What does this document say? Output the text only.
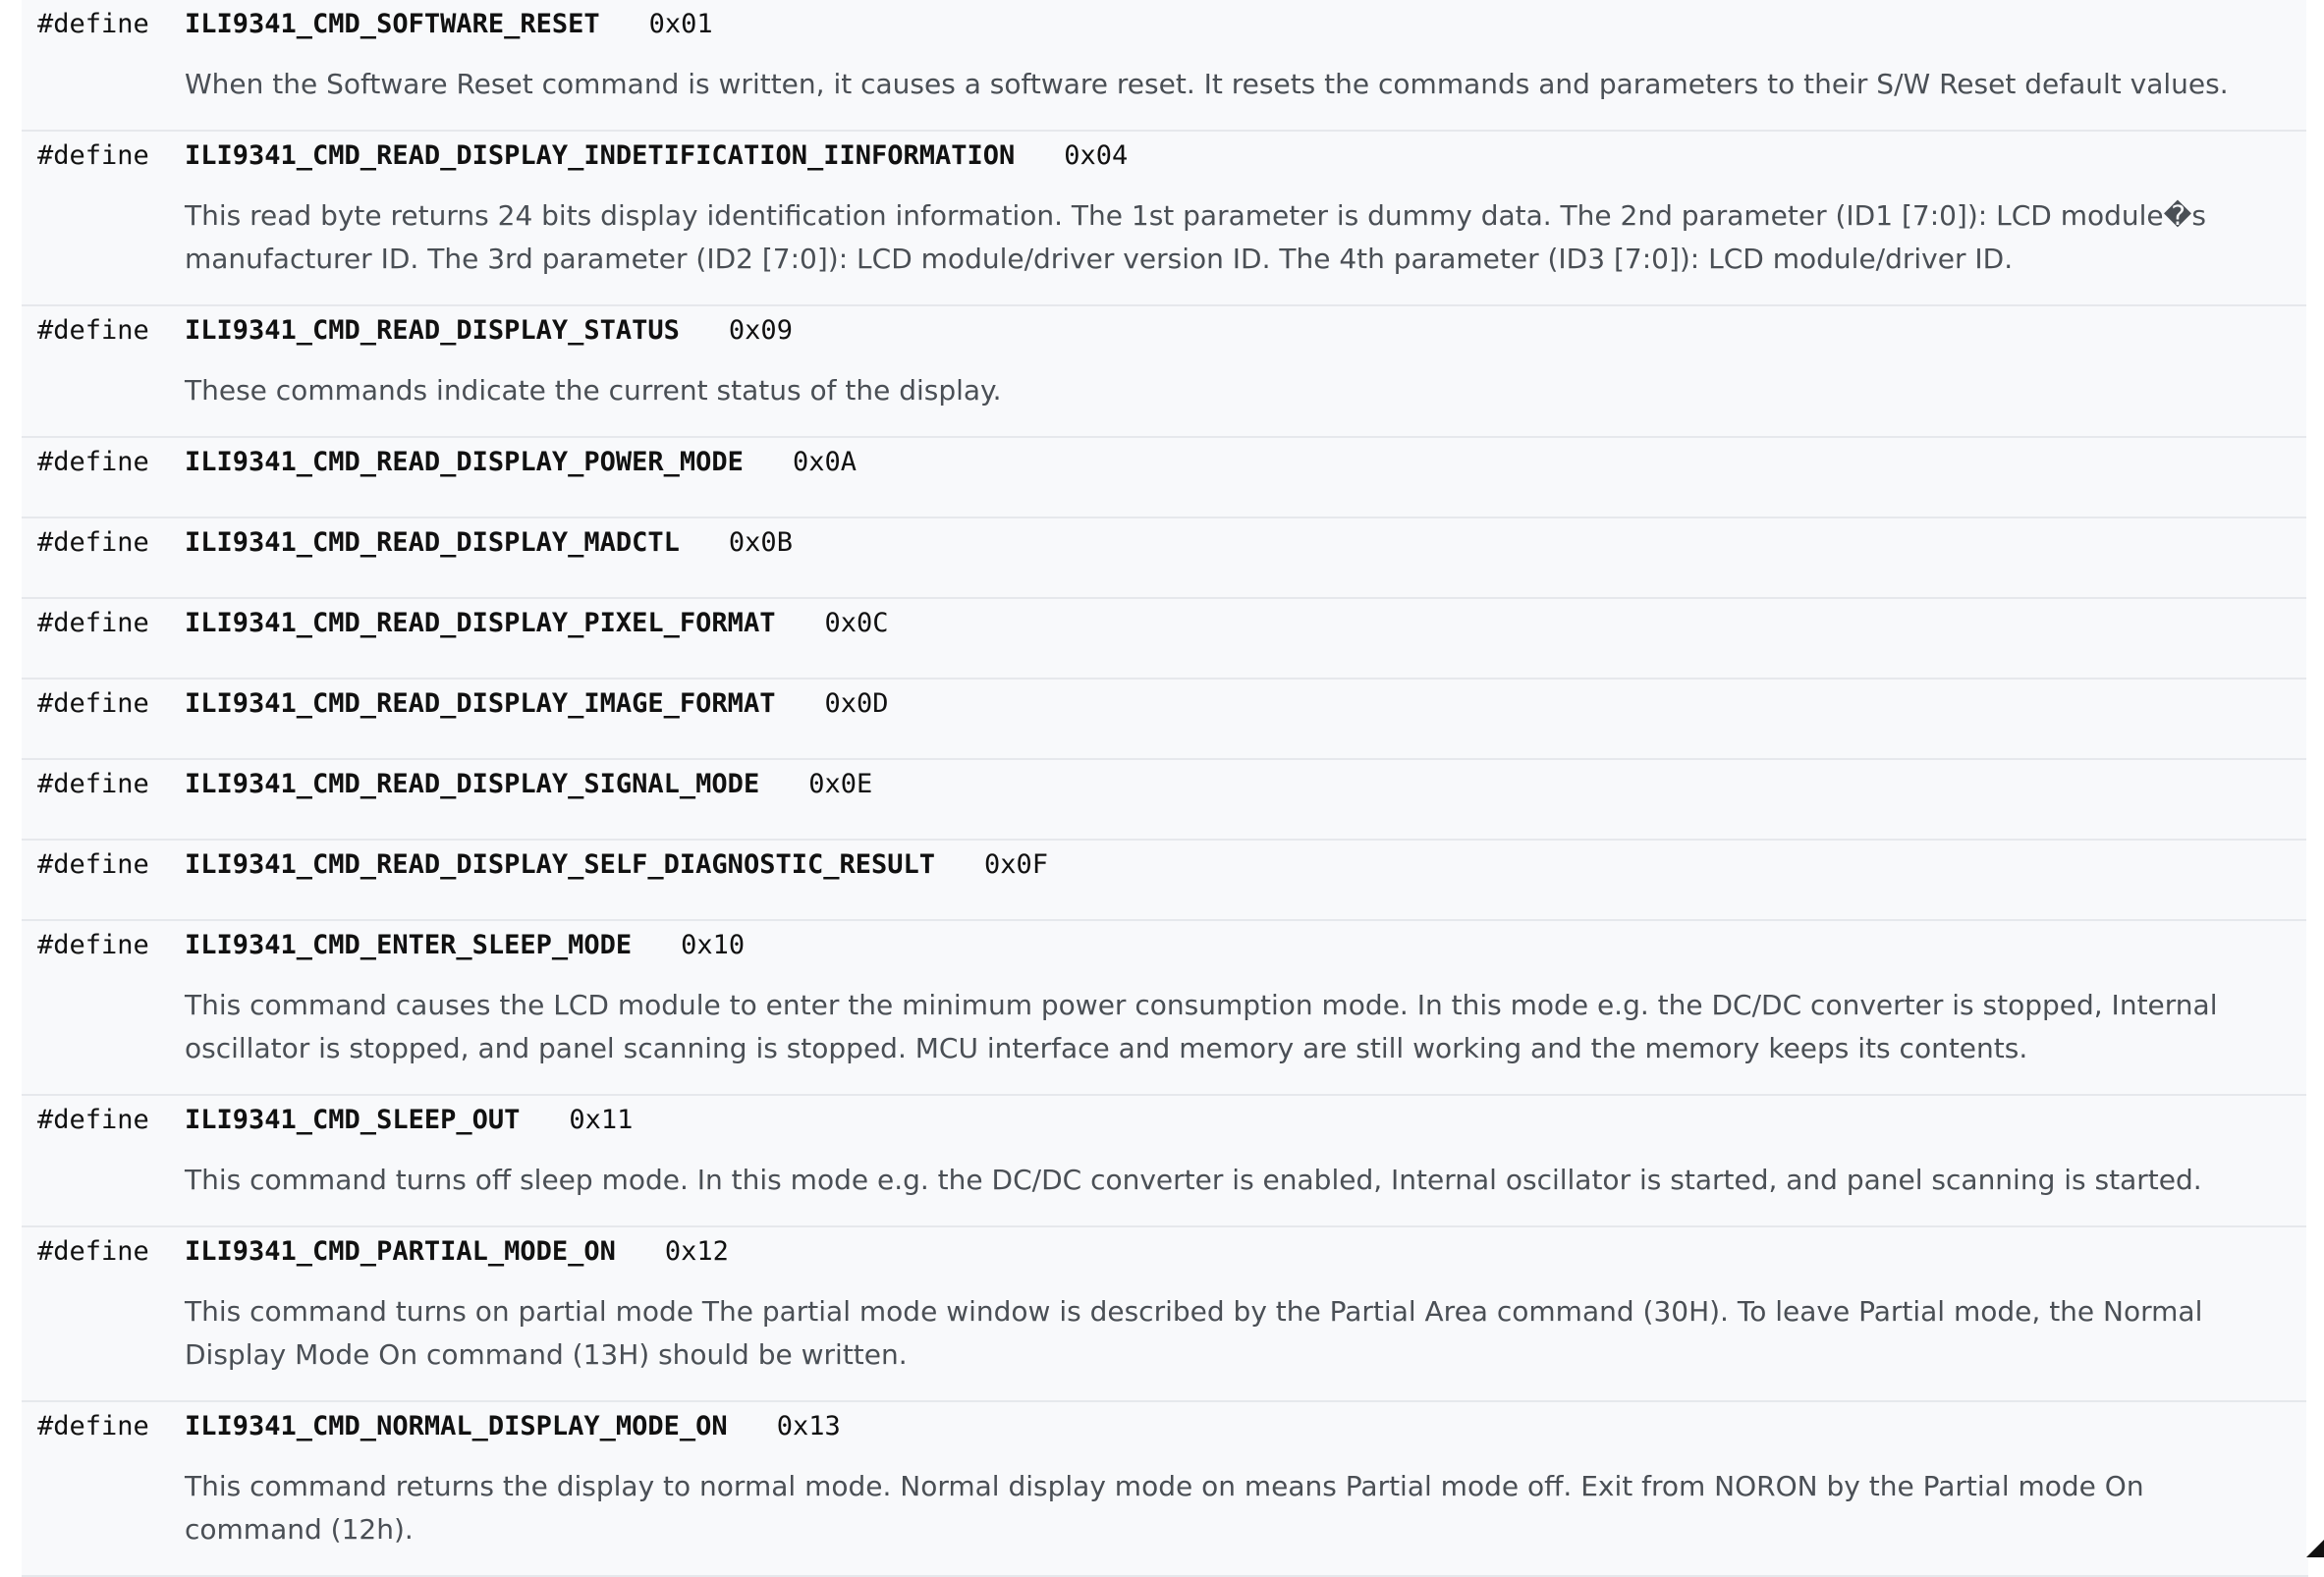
#define	ILI9341_CMD_SOFTWARE_RESET 0x01
When the Software Reset command is written, it causes a software reset. It resets the commands and parameters to their S/W Reset default values.
#define	ILI9341_CMD_READ_DISPLAY_INDETIFICATION_IINFORMATION 0x04
This read byte returns 24 bits display identification information. The 1st parameter is dummy data. The 2nd parameter (ID1 [7:0]): LCD module�s manufacturer ID. The 3rd parameter (ID2 [7:0]): LCD module/driver version ID. The 4th parameter (ID3 [7:0]): LCD module/driver ID.
#define	ILI9341_CMD_READ_DISPLAY_STATUS 0x09
These commands indicate the current status of the display.
#define	ILI9341_CMD_READ_DISPLAY_POWER_MODE 0x0A
#define	ILI9341_CMD_READ_DISPLAY_MADCTL 0x0B
#define	ILI9341_CMD_READ_DISPLAY_PIXEL_FORMAT 0x0C
#define	ILI9341_CMD_READ_DISPLAY_IMAGE_FORMAT 0x0D
#define	ILI9341_CMD_READ_DISPLAY_SIGNAL_MODE 0x0E
#define	ILI9341_CMD_READ_DISPLAY_SELF_DIAGNOSTIC_RESULT 0x0F
#define	ILI9341_CMD_ENTER_SLEEP_MODE 0x10
This command causes the LCD module to enter the minimum power consumption mode. In this mode e.g. the DC/DC converter is stopped, Internal oscillator is stopped, and panel scanning is stopped. MCU interface and memory are still working and the memory keeps its contents.
#define	ILI9341_CMD_SLEEP_OUT 0x11
This command turns off sleep mode. In this mode e.g. the DC/DC converter is enabled, Internal oscillator is started, and panel scanning is started.
#define	ILI9341_CMD_PARTIAL_MODE_ON 0x12
This command turns on partial mode The partial mode window is described by the Partial Area command (30H). To leave Partial mode, the Normal Display Mode On command (13H) should be written.
#define	ILI9341_CMD_NORMAL_DISPLAY_MODE_ON 0x13
This command returns the display to normal mode. Normal display mode on means Partial mode off. Exit from NORON by the Partial mode On command (12h).
